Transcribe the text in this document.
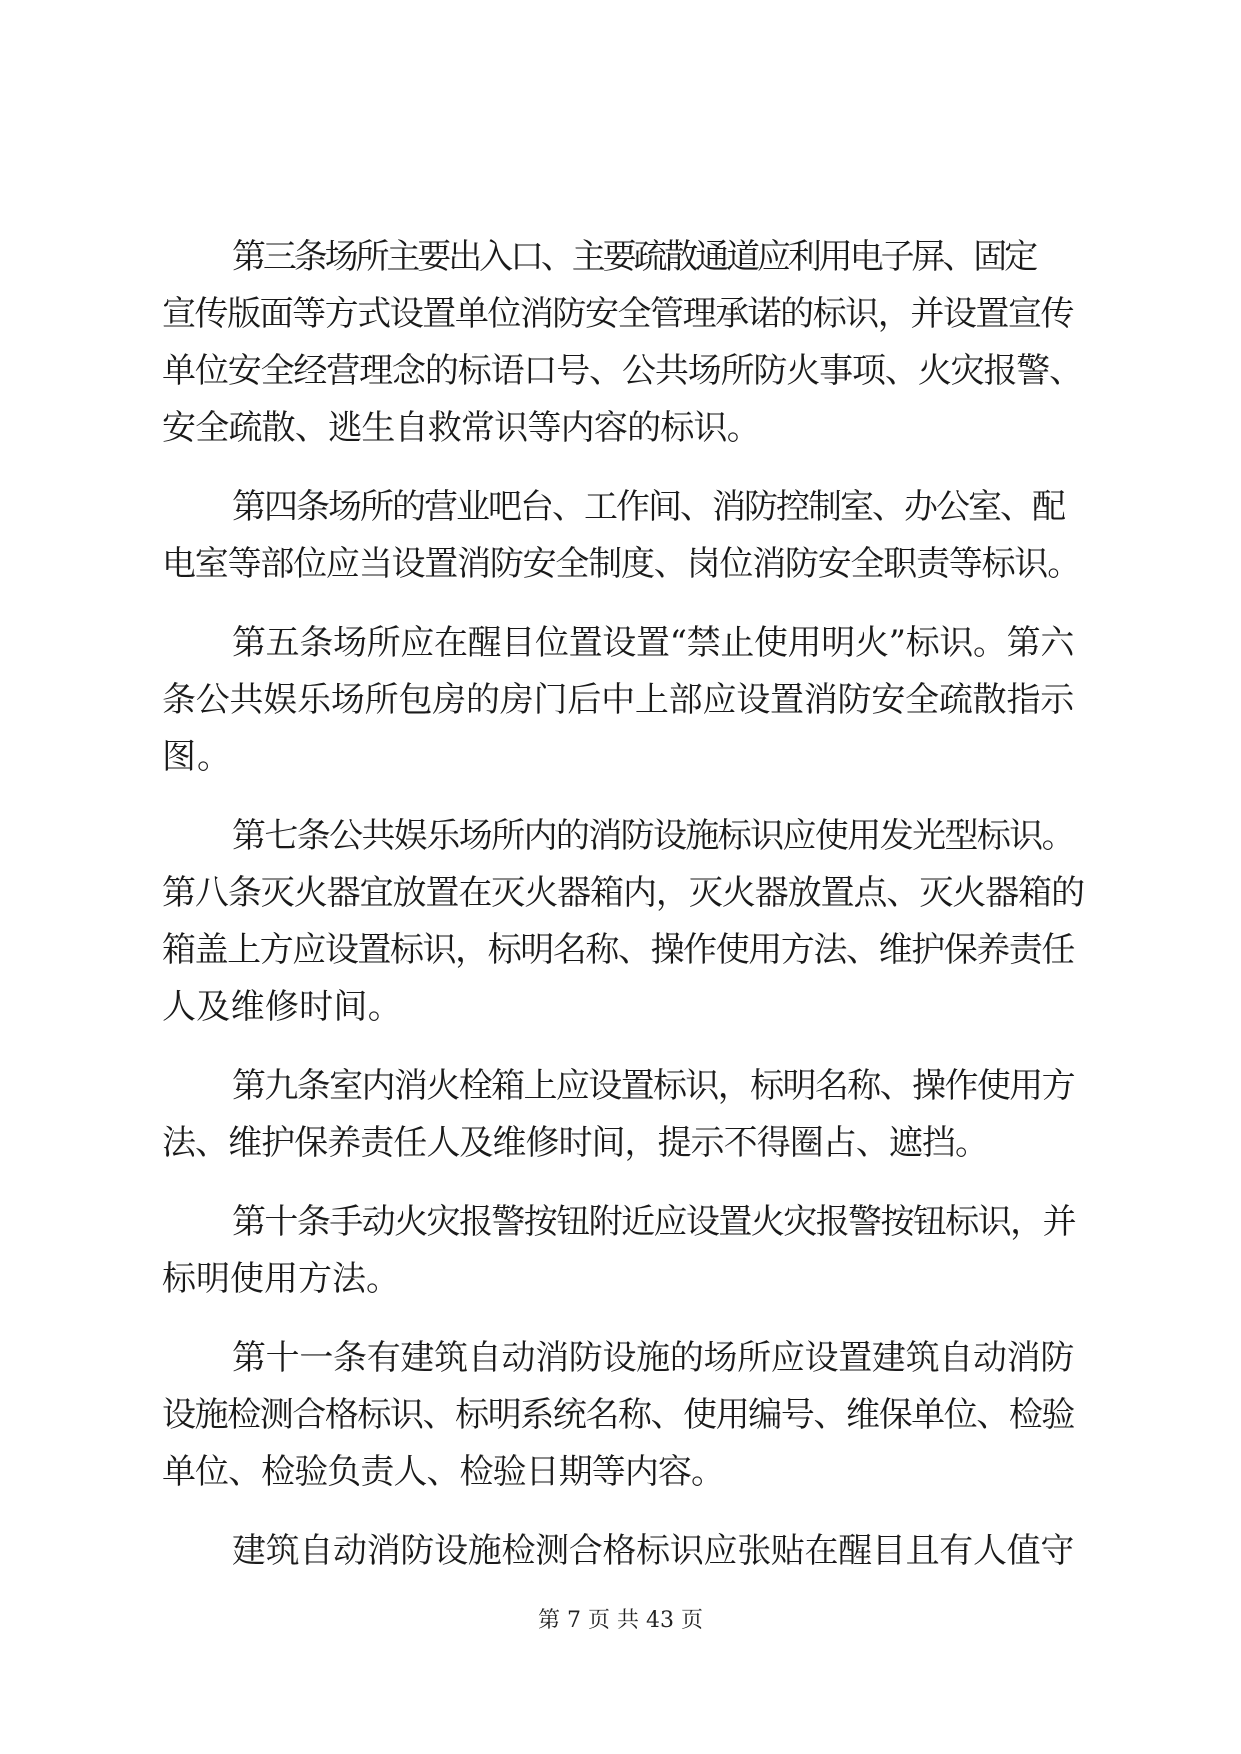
第三条场所主要出入口、主要疏散通道应利用电子屏、固定
宣传版面等方式设置单位消防安全管理承诺的标识，并设置宣传
单位安全经营理念的标语口号、公共场所防火事项、火灾报警、
安全疏散、逃生自救常识等内容的标识。
第四条场所的营业吧台、工作间、消防控制室、办公室、配
电室等部位应当设置消防安全制度、岗位消防安全职责等标识。
第五条场所应在醒目位置设置“禁止使用明火”标识。第六
条公共娱乐场所包房的房门后中上部应设置消防安全疏散指示
图。
第七条公共娱乐场所内的消防设施标识应使用发光型标识。
第八条灭火器宜放置在灭火器箱内，灭火器放置点、灭火器箱的
箱盖上方应设置标识，标明名称、操作使用方法、维护保养责任
人及维修时间。
第九条室内消火栓箱上应设置标识，标明名称、操作使用方
法、维护保养责任人及维修时间，提示不得圈占、遮挡。
第十条手动火灾报警按钮附近应设置火灾报警按钮标识，并
标明使用方法。
第十一条有建筑自动消防设施的场所应设置建筑自动消防
设施检测合格标识、标明系统名称、使用编号、维保单位、检验
单位、检验负责人、检验日期等内容。
建筑自动消防设施检测合格标识应张贴在醒目且有人值守
第 7 页 共 43 页
